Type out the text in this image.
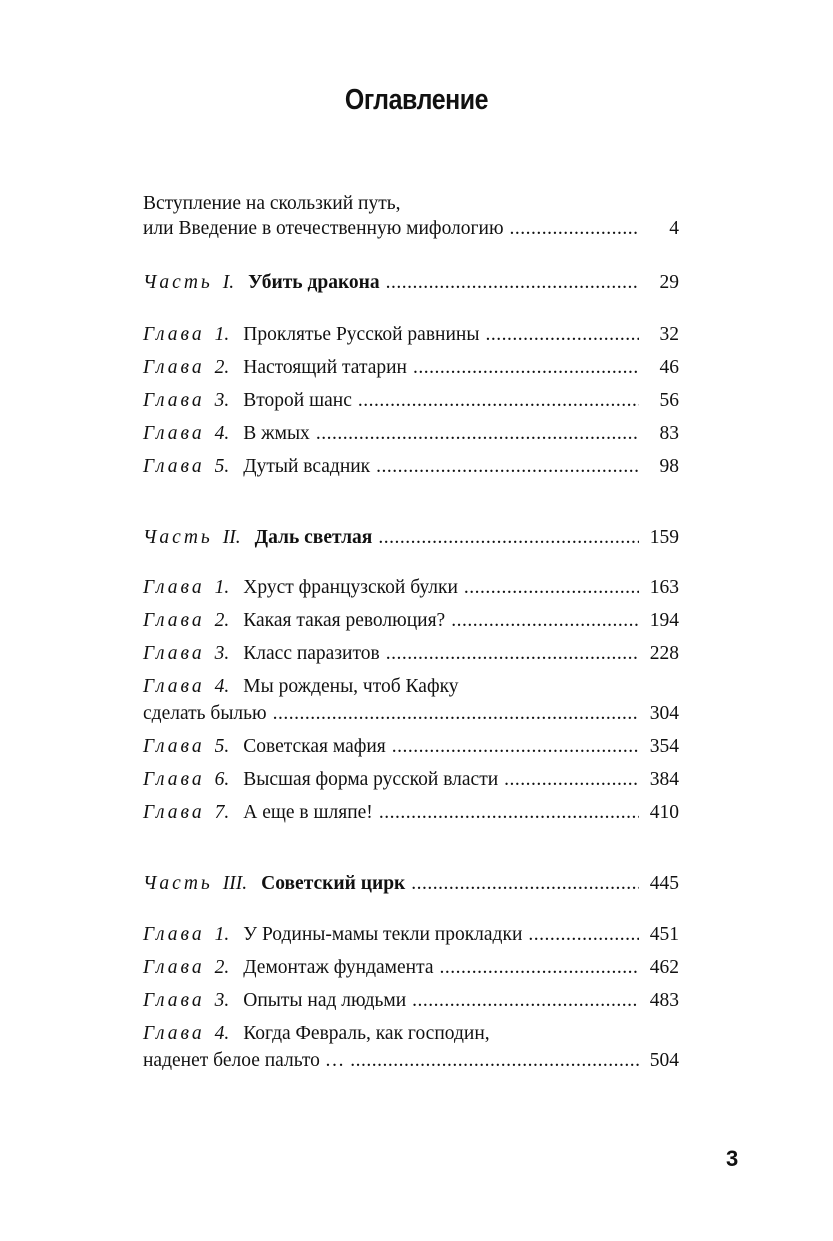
Оглавление
Вступление на скользкий путь,
или Введение в отечественную мифологию .....	4
Часть I. Убить дракона .....	29
Глава 1. Проклятье Русской равнины .....	32
Глава 2. Настоящий татарин .....	46
Глава 3. Второй шанс .....	56
Глава 4. В жмых .....	83
Глава 5. Дутый всадник .....	98
Часть II. Даль светлая .....	159
Глава 1. Хруст французской булки .....	163
Глава 2. Какая такая революция? .....	194
Глава 3. Класс паразитов .....	228
Глава 4. Мы рождены, чтоб Кафку
сделать былью .....	304
Глава 5. Советская мафия .....	354
Глава 6. Высшая форма русской власти .....	384
Глава 7. А еще в шляпе! .....	410
Часть III. Советский цирк .....	445
Глава 1. У Родины-мамы текли прокладки .....	451
Глава 2. Демонтаж фундамента .....	462
Глава 3. Опыты над людьми .....	483
Глава 4. Когда Февраль, как господин,
наденет белое пальто … .....	504
3
